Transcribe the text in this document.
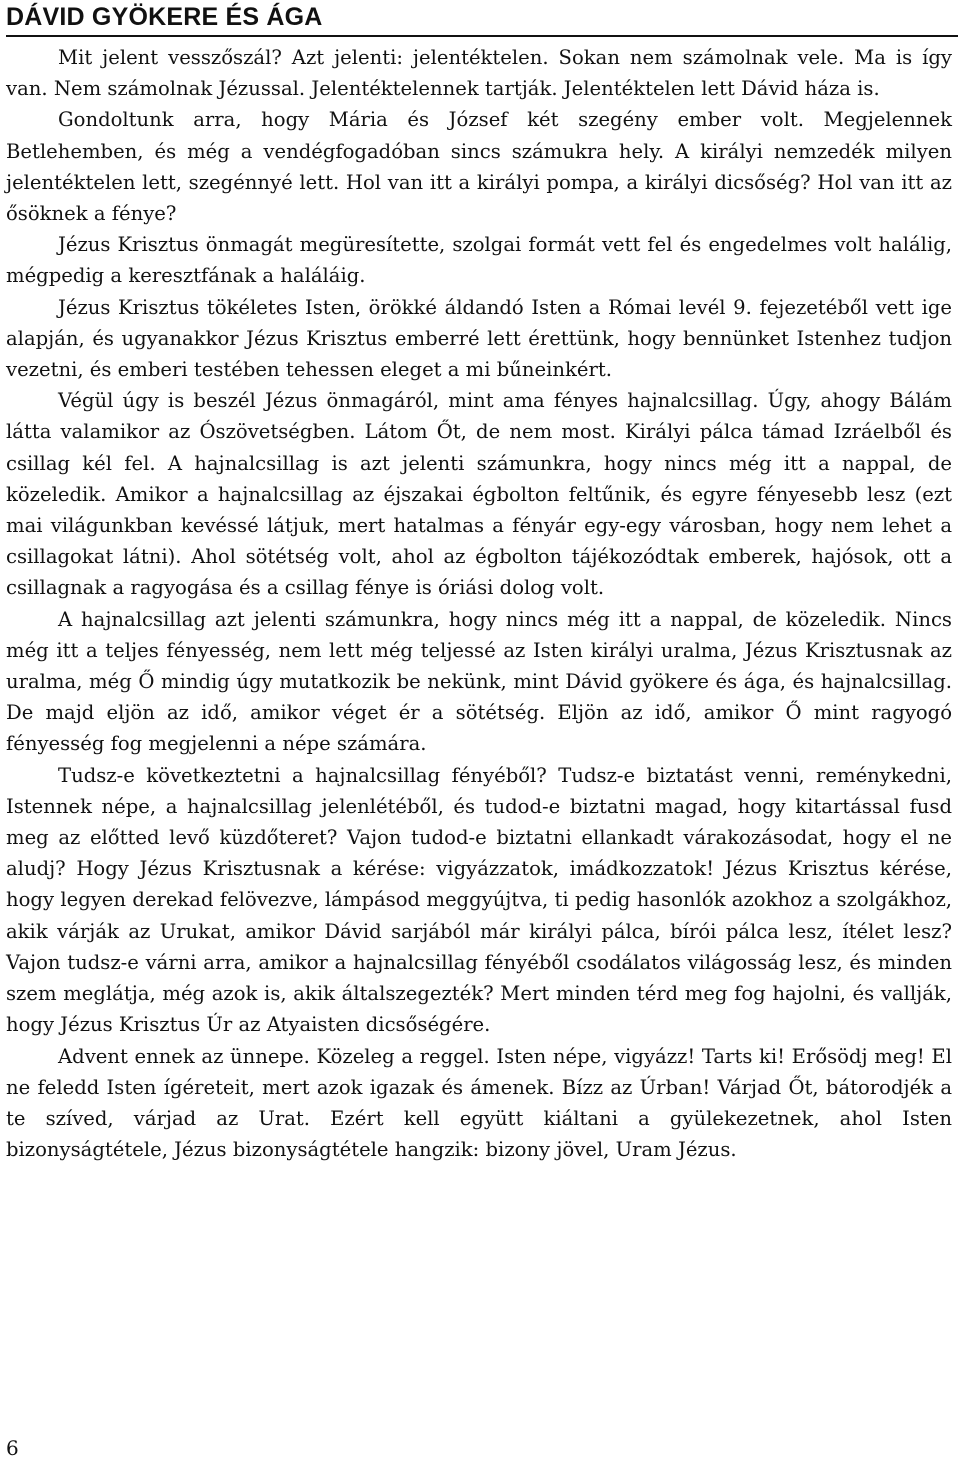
DÁVID GYÖKERE ÉS ÁGA

Mit jelent vesszőszál? Azt jelenti: jelentéktelen. Sokan nem számolnak vele. Ma is így van. Nem számolnak Jézussal. Jelentéktelennek tartják. Jelentéktelen lett Dávid háza is.

Gondoltunk arra, hogy Mária és József két szegény ember volt. Megjelennek Betlehemben, és még a vendégfogadóban sincs számukra hely. A királyi nemzedék milyen jelentéktelen lett, szegénnyé lett. Hol van itt a királyi pompa, a királyi dicsőség? Hol van itt az ősöknek a fénye?

Jézus Krisztus önmagát megüresítette, szolgai formát vett fel és engedelmes volt halálig, mégpedig a keresztfának a haláláig.

Jézus Krisztus tökéletes Isten, örökké áldandó Isten a Római levél 9. fejezetéből vett ige alapján, és ugyanakkor Jézus Krisztus emberré lett érettünk, hogy bennünket Istenhez tudjon vezetni, és emberi testében tehessen eleget a mi bűneinkért.

Végül úgy is beszél Jézus önmagáról, mint ama fényes hajnalcsillag. Úgy, ahogy Bálám látta valamikor az Ószövetségben. Látom Őt, de nem most. Királyi pálca támad Izráelből és csillag kél fel. A hajnalcsillag is azt jelenti számunkra, hogy nincs még itt a nappal, de közeledik. Amikor a hajnalcsillag az éjszakai égbolton feltűnik, és egyre fényesebb lesz (ezt mai világunkban kevéssé látjuk, mert hatalmas a fényár egy-egy városban, hogy nem lehet a csillagokat látni). Ahol sötétség volt, ahol az égbolton tájékozódtak emberek, hajósok, ott a csillagnak a ragyogása és a csillag fénye is óriási dolog volt.

A hajnalcsillag azt jelenti számunkra, hogy nincs még itt a nappal, de közeledik. Nincs még itt a teljes fényesség, nem lett még teljessé az Isten királyi uralma, Jézus Krisztusnak az uralma, még Ő mindig úgy mutatkozik be nekünk, mint Dávid gyökere és ága, és hajnalcsillag. De majd eljön az idő, amikor véget ér a sötétség. Eljön az idő, amikor Ő mint ragyogó fényesség fog megjelenni a népe számára.

Tudsz-e következtetni a hajnalcsillag fényéből? Tudsz-e biztatást venni, reménykedni, Istennek népe, a hajnalcsillag jelenlétéből, és tudod-e biztatni magad, hogy kitartással fusd meg az előtted levő küzdőteret? Vajon tudod-e biztatni ellankadt várakozásodat, hogy el ne aludj? Hogy Jézus Krisztusnak a kérése: vigyázzatok, imádkozzatok! Jézus Krisztus kérése, hogy legyen derekad felövezve, lámpásod meggyújtva, ti pedig hasonlók azokhoz a szolgákhoz, akik várják az Urukat, amikor Dávid sarjából már királyi pálca, bírói pálca lesz, ítélet lesz? Vajon tudsz-e várni arra, amikor a hajnalcsillag fényéből csodálatos világosság lesz, és minden szem meglátja, még azok is, akik általszegezték? Mert minden térd meg fog hajolni, és vallják, hogy Jézus Krisztus Úr az Atyaisten dicsőségére.

Advent ennek az ünnepe. Közeleg a reggel. Isten népe, vigyázz! Tarts ki! Erősödj meg! El ne feledd Isten ígéreteit, mert azok igazak és ámenek. Bízz az Úrban! Várjad Őt, bátorodjék a te szíved, várjad az Urat. Ezért kell együtt kiáltani a gyülekezetnek, ahol Isten bizonyságtétele, Jézus bizonyságtétele hangzik: bizony jövel, Uram Jézus.

6
